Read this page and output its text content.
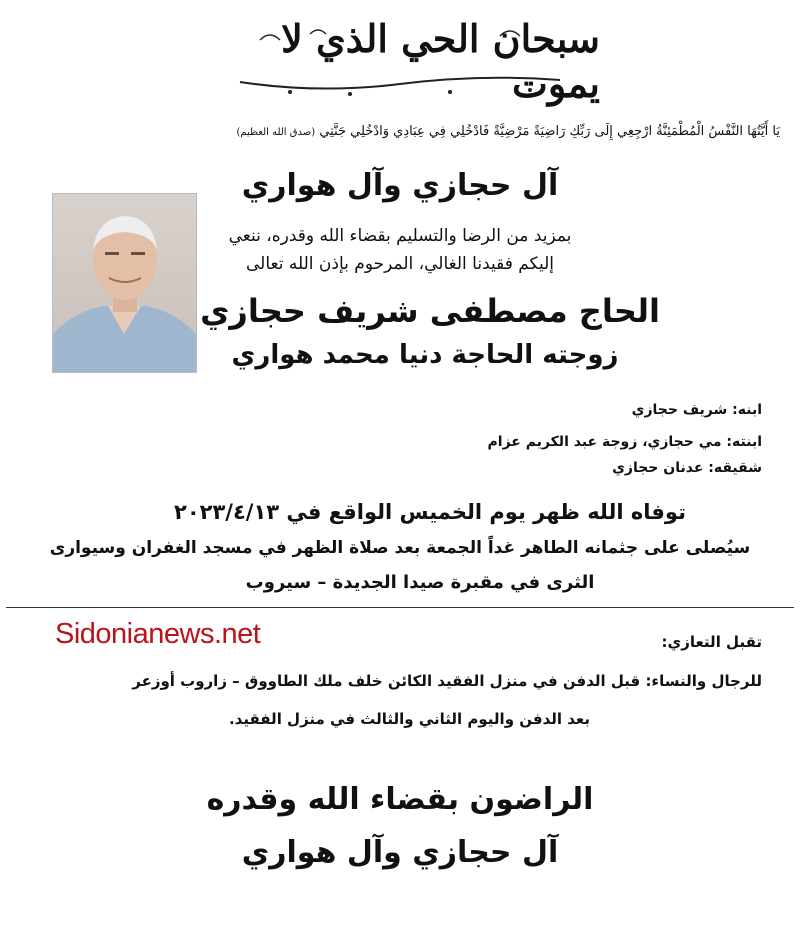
سبحان الحي الذي لا يموت
يَا أَيَّتُهَا النَّفْسُ الْمُطْمَئِنَّةُ ارْجِعِي إِلَى رَبِّكِ رَاضِيَةً مَرْضِيَّةً فَادْخُلِي فِي عِبَادِي وَادْخُلِي جَنَّتِي (صدق الله العظيم)
آل حجازي وآل هواري
بمزيد من الرضا والتسليم بقضاء الله وقدره، ننعي
إليكم فقيدنا الغالي، المرحوم بإذن الله تعالى
الحاج مصطفى شريف حجازي
زوجته الحاجة دنيا محمد هواري
ابنه: شريف حجازي
ابنته: مي حجازي، زوجة عبد الكريم عزام
شقيقه: عدنان حجازي
توفاه الله ظهر يوم الخميس الواقع في ٢٠٢٣/٤/١٣
سيُصلى على جثمانه الطاهر غداً الجمعة بعد صلاة الظهر في مسجد الغفران وسيوارى
الثرى في مقبرة صيدا الجديدة – سيروب
Sidonianews.net	تقبل التعازي:
للرجال والنساء: قبل الدفن في منزل الفقيد الكائن خلف ملك الطاووق – زاروب أوزعر
بعد الدفن واليوم الثاني والثالث في منزل الفقيد.
الراضون بقضاء الله وقدره
آل حجازي وآل هواري
